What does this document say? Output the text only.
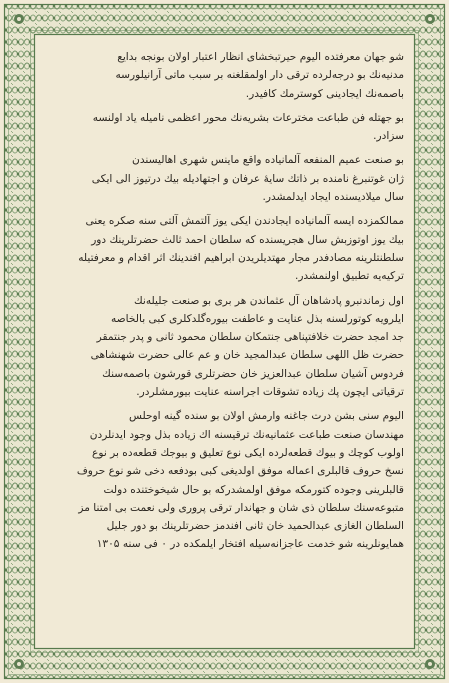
شو جهان معرفتده الیوم حیرتبخشای انظار اعتبار اولان بونجه بدایع
مدنیه‌نك بو درجه‌لرده ترقی دار اولمقلغنه بر سبب ماتی آرانیلورسه
باصمه‌نك ایجادینی کوسترمك کافیدر.

بو جهتله فن طباعت مخترعات بشریه‌نك محور اعظمی نامیله یاد اولنسه
سزادر.

بو صنعت عمیم المنفعه آلمانیاده واقع ماینس شهری اهالیسندن
ژان غوتنبرغ نامنده بر ذاتك سایهٔ عرفان و اجتهادیله بیك درتیوز الی ایكی
سال میلادیسنده ایجاد ایدلمشدر.

ممالکمزده ایسه آلمانیاده ایجادندن ایكی یوز آلتمش آلتی سنه صکره یعنی
بیك یوز اوتوزبش سال هجریسنده که سلطان احمد ثالث حضرتلرینك دور
سلطنتلرینه مصادفدر مجار مهتدیلریدن ابراهیم افندینك اثر اقدام و معرفتیله
ترکیه‌یه تطبیق اولنمشدر.

اول زماندنبرو پادشاهان آل عثماندن هر بری بو صنعت جلیله‌نك
ایلرویه کوتورلسنه بذل عنایت و عاطفت بیوره‌گلدکلری کبی بالخاصه
جد امجد حضرت خلافتپناهی جنتمکان سلطان محمود ثانی و پدر جنتمقر
حضرت ظل اللهی سلطان عبدالمجید خان و عم عالی حضرت شهنشاهی
فردوس آشیان سلطان عبدالعزیز خان حضرتلری قورشون باصمه‌سنك
ترقیاتی ایچون پك زیاده تشوقات اجراسنه عنایت بیورمشلردر.

الیوم سنی بشن درت جاغنه وارمش اولان بو سنده گینه اوحلس
مهندسان صنعت طباعت عثمانیه‌نك ترقیسنه اك زیاده بذل وجود ایدنلردن
اولوب کوچك و بیوك قطعه‌لرده ایكی نوع تعلیق و بیوجك قطعه‌ده بر نوع
نسخ حروف قالبلری اعماله موفق اولدیغی کبی بودفعه دخی شو نوع حروف
قالبلرینی وجوده کتورمکه موفق اولمشدرکه بو حال شیخوختنده دولت
متبوعه‌سنك سلطان ذی شان و جهاندار ترقی پروری ولی نعمت بی امتنا مز
السلطان الغازی عبدالحمید خان ثانی افندمز حضرتلرینك بو دور جلیل
همایونلرینه شو خدمت عاجزانه‌سیله افتخار ایلمکده در ۰ فی سنه ۱۳۰۵
